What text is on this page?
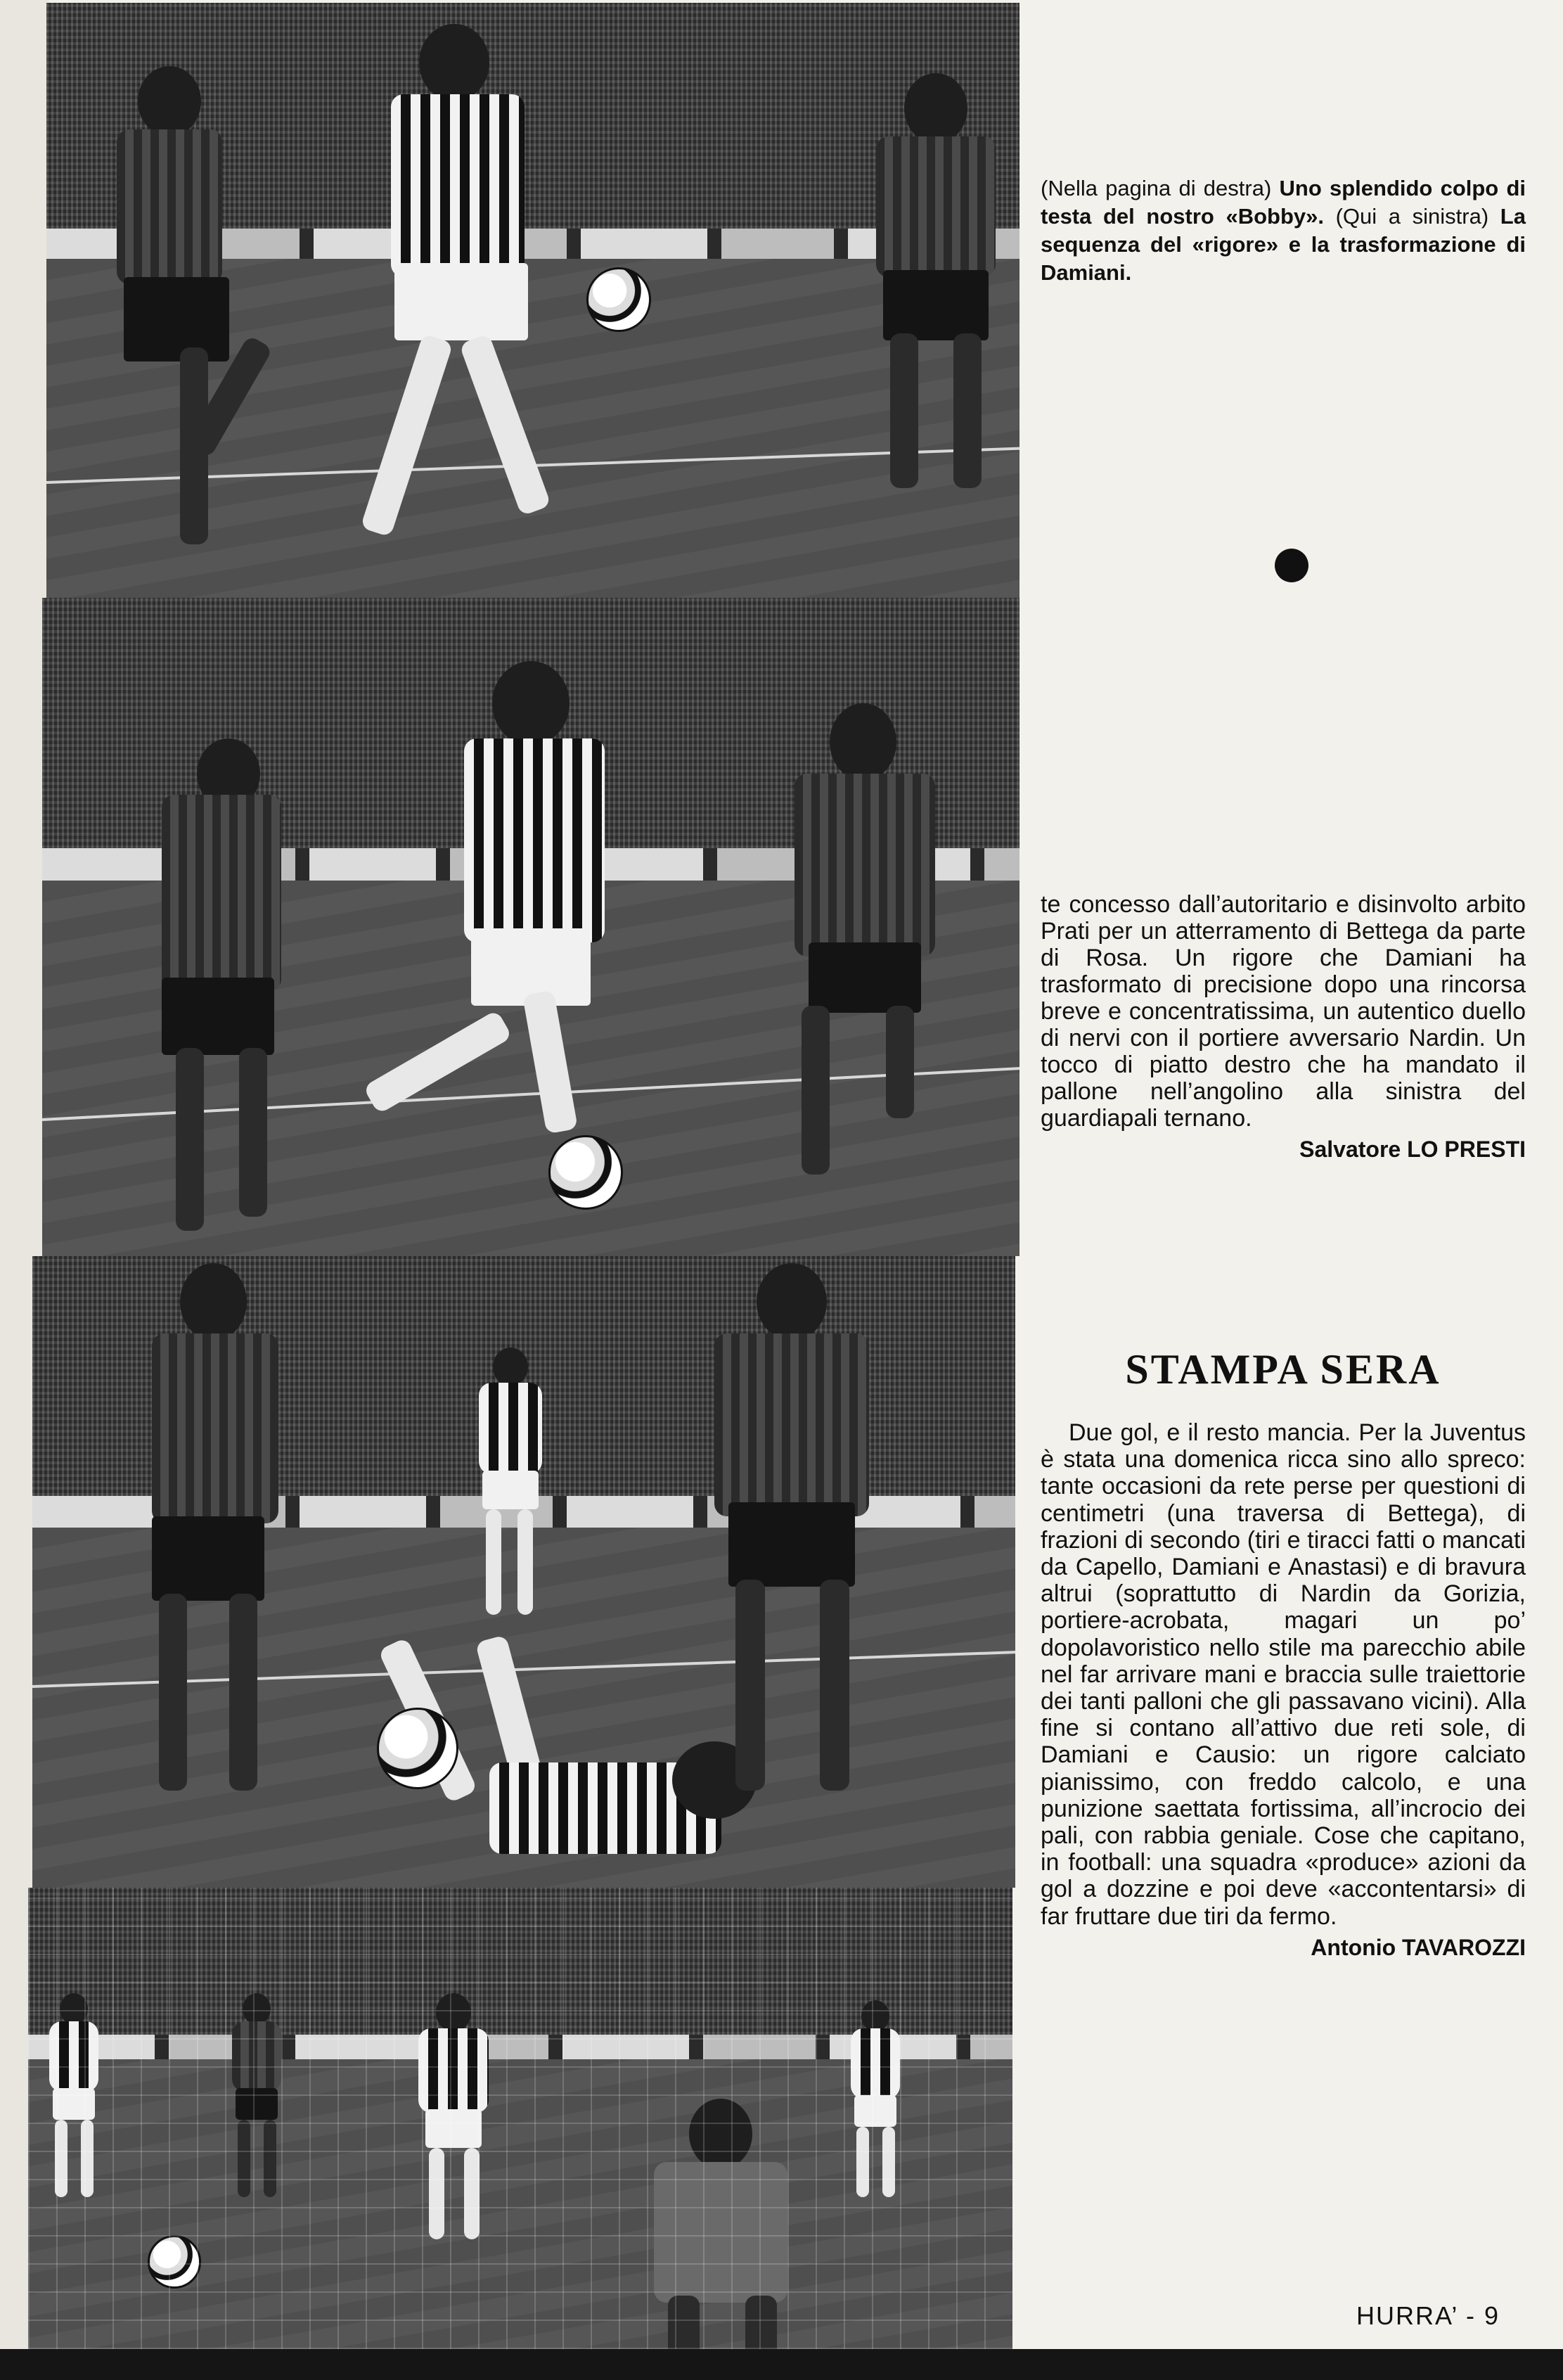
(Nella pagina di destra) Uno splendido colpo di testa del nostro «Bobby». (Qui a sinistra) La sequenza del «rigore» e la trasformazione di Damiani.

te concesso dall’autoritario e disinvolto arbito Prati per un atterramento di Bettega da parte di Rosa. Un rigore che Damiani ha trasformato di precisione dopo una rincorsa breve e concentratissima, un autentico duello di nervi con il portiere avversario Nardin. Un tocco di piatto destro che ha mandato il pallone nell’angolino alla sinistra del guardiapali ternano.

Salvatore LO PRESTI
STAMPA SERA

Due gol, e il resto mancia. Per la Juventus è stata una domenica ricca sino allo spreco: tante occasioni da rete perse per questioni di centimetri (una traversa di Bettega), di frazioni di secondo (tiri e tiracci fatti o mancati da Capello, Damiani e Anastasi) e di bravura altrui (soprattutto di Nardin da Gorizia, portiere-acrobata, magari un po’ dopolavoristico nello stile ma parecchio abile nel far arrivare mani e braccia sulle traiettorie dei tanti palloni che gli passavano vicini). Alla fine si contano all’attivo due reti sole, di Damiani e Causio: un rigore calciato pianissimo, con freddo calcolo, e una punizione saettata fortissima, all’incrocio dei pali, con rabbia geniale. Cose che capitano, in football: una squadra «produce» azioni da gol a dozzine e poi deve «accontentarsi» di far fruttare due tiri da fermo.

Antonio TAVAROZZI
HURRA’ - 9
